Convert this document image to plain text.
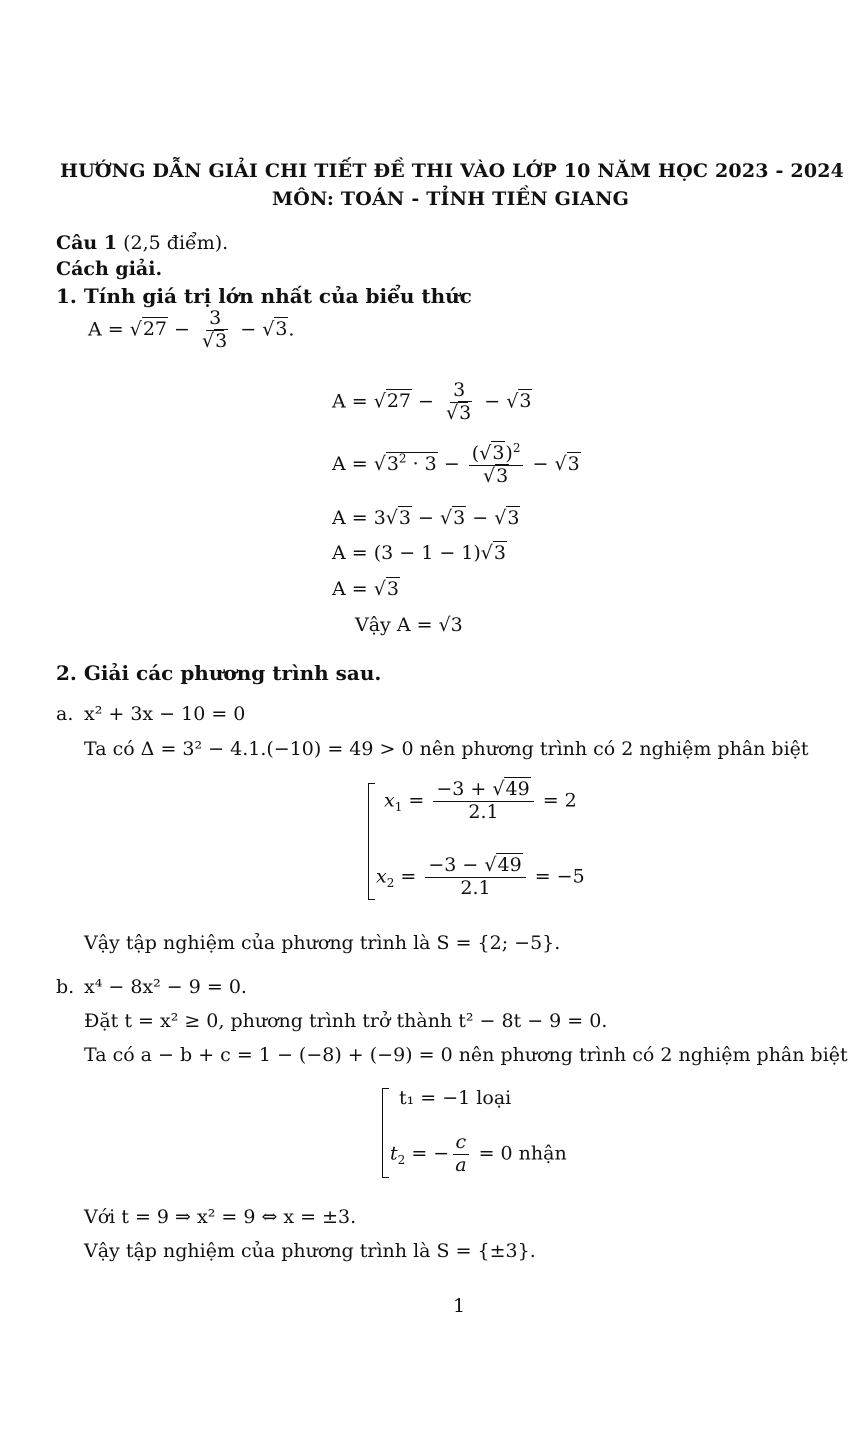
HƯỚNG DẪN GIẢI CHI TIẾT ĐỀ THI VÀO LỚP 10 NĂM HỌC 2023 - 2024
MÔN: TOÁN - TỈNH TIỀN GIANG
Câu 1 (2,5 điểm).
Cách giải.
1. Tính giá trị lớn nhất của biểu thức
$A = √27 - \frac{3}{√3} - √3$.
$A = √27 - \frac{3}{√3} - √3$
$A = √3^2 \cdot 3 - \frac{(√3)^2}{√3} - √3$
A = 3√3 − √3 − √3
A = (3 − 1 − 1)√3
A = √3
Vậy A = √3
2. Giải các phương trình sau.
a. x² + 3x − 10 = 0
Ta có Δ = 3² − 4.1.(−10) = 49 > 0 nên phương trình có 2 nghiệm phân biệt
$x_1 = \frac{-3 + √49}{2.1} = 2$
$x_2 = \frac{-3 - √49}{2.1} = -5$
Vậy tập nghiệm của phương trình là S = {2; −5}.
b. x⁴ − 8x² − 9 = 0.
Đặt t = x² ≥ 0, phương trình trở thành t² − 8t − 9 = 0.
Ta có a − b + c = 1 − (−8) + (−9) = 0 nên phương trình có 2 nghiệm phân biệt
t₁ = −1 loại
$t_2$ = − $\frac{c}{a} = 0$ nhận
Với t = 9 ⇒ x² = 9 ⇔ x = ±3.
Vậy tập nghiệm của phương trình là S = {±3}.
1
